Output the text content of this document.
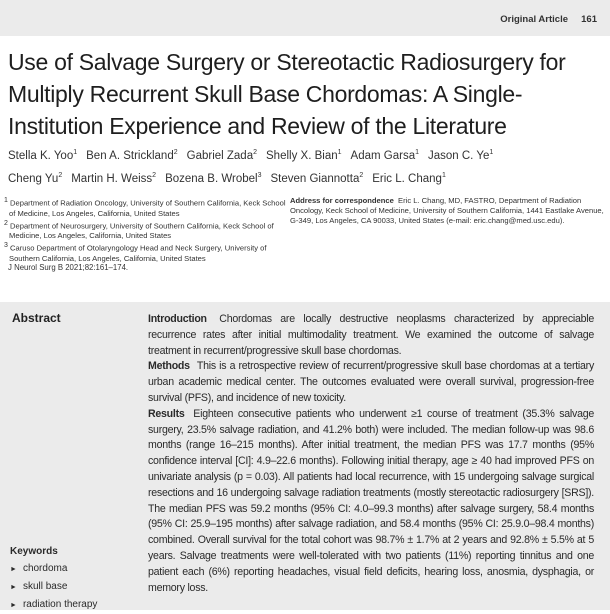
Original Article 161
Use of Salvage Surgery or Stereotactic Radiosurgery for Multiply Recurrent Skull Base Chordomas: A Single-Institution Experience and Review of the Literature
Stella K. Yoo$^1$ Ben A. Strickland$^2$ Gabriel Zada$^2$ Shelly X. Bian$^1$ Adam Garsa$^1$ Jason C. Ye$^1$
Cheng Yu$^2$ Martin H. Weiss$^2$ Bozena B. Wrobel$^3$ Steven Giannotta$^2$ Eric L. Chang$^1$
$^1$ Department of Radiation Oncology, University of Southern California, Keck School of Medicine, Los Angeles, California, United States
$^2$ Department of Neurosurgery, University of Southern California, Keck School of Medicine, Los Angeles, California, United States
$^3$ Caruso Department of Otolaryngology Head and Neck Surgery, University of Southern California, Los Angeles, California, United States
Address for correspondence Eric L. Chang, MD, FASTRO, Department of Radiation Oncology, Keck School of Medicine, University of Southern California, 1441 Eastlake Avenue, G-349, Los Angeles, CA 90033, United States (e-mail: eric.chang@med.usc.edu).
J Neurol Surg B 2021;82:161–174.
Abstract	Introduction Chordomas are locally destructive neoplasms characterized by appreciable recurrence rates after initial multimodality treatment. We examined the outcome of salvage treatment in recurrent/progressive skull base chordomas.

Methods This is a retrospective review of recurrent/progressive skull base chordomas at a tertiary urban academic medical center. The outcomes evaluated were overall survival, progression-free survival (PFS), and incidence of new toxicity.

Results Eighteen consecutive patients who underwent ≥1 course of treatment (35.3% salvage surgery, 23.5% salvage radiation, and 41.2% both) were included. The median follow-up was 98.6 months (range 16–215 months). After initial treatment, the median PFS was 17.7 months (95% confidence interval [CI]: 4.9–22.6 months). Following initial therapy, age ≥ 40 had improved PFS on univariate analysis (p = 0.03). All patients had local recurrence, with 15 undergoing salvage surgical resections and 16 undergoing salvage radiation treatments (mostly stereotactic radiosurgery [SRS]). The median PFS was 59.2 months (95% CI: 4.0–99.3 months) after salvage surgery, 58.4 months (95% CI: 25.9–195 months) after salvage radiation, and 58.4 months (95% CI: 25.9.0–98.4 months) combined. Overall survival for the total cohort was 98.7% ± 1.7% at 2 years and 92.8% ± 5.5% at 5 years. Salvage treatments were well-tolerated with two patients (11%) reporting tinnitus and one patient each (6%) reporting headaches, visual field deficits, hearing loss, anosmia, dysphagia, or memory loss.

Keywords
► chordoma
► skull base
► radiation therapy
